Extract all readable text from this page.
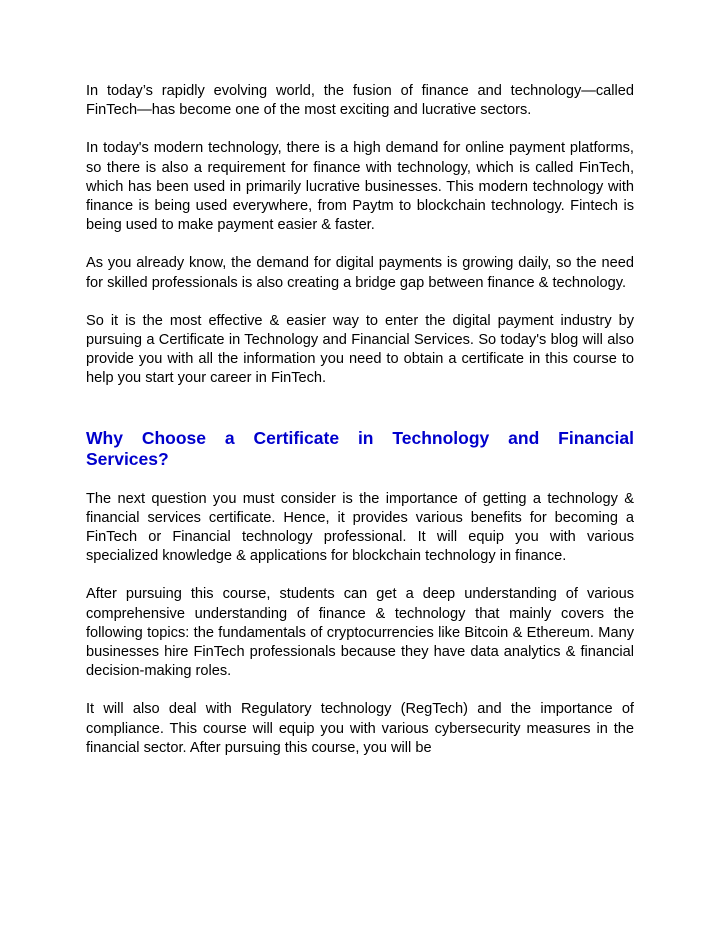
In today’s rapidly evolving world, the fusion of finance and technology—called FinTech—has become one of the most exciting and lucrative sectors.

In today's modern technology, there is a high demand for online payment platforms, so there is also a requirement for finance with technology, which is called FinTech, which has been used in primarily lucrative businesses. This modern technology with finance is being used everywhere, from Paytm to blockchain technology. Fintech is being used to make payment easier & faster.

As you already know, the demand for digital payments is growing daily, so the need for skilled professionals is also creating a bridge gap between finance & technology.

So it is the most effective & easier way to enter the digital payment industry by pursuing a Certificate in Technology and Financial Services. So today's blog will also provide you with all the information you need to obtain a certificate in this course to help you start your career in FinTech.

Why Choose a Certificate in Technology and Financial Services?

The next question you must consider is the importance of getting a technology & financial services certificate. Hence, it provides various benefits for becoming a FinTech or Financial technology professional. It will equip you with various specialized knowledge & applications for blockchain technology in finance.

After pursuing this course, students can get a deep understanding of various comprehensive understanding of finance & technology that mainly covers the following topics: the fundamentals of cryptocurrencies like Bitcoin & Ethereum. Many businesses hire FinTech professionals because they have data analytics & financial decision-making roles.

It will also deal with Regulatory technology (RegTech) and the importance of compliance. This course will equip you with various cybersecurity measures in the financial sector. After pursuing this course, you will be
